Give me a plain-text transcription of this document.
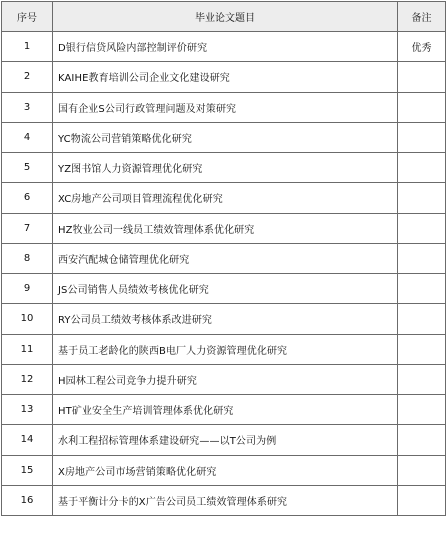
序号	毕业论文题目	备注
1	D银行信贷风险内部控制评价研究	优秀
2	KAIHE教育培训公司企业文化建设研究	
3	国有企业S公司行政管理问题及对策研究	
4	YC物流公司营销策略优化研究	
5	YZ图书馆人力资源管理优化研究	
6	XC房地产公司项目管理流程优化研究	
7	HZ牧业公司一线员工绩效管理体系优化研究	
8	西安汽配城仓储管理优化研究	
9	JS公司销售人员绩效考核优化研究	
10	RY公司员工绩效考核体系改进研究	
11	基于员工老龄化的陕西B电厂人力资源管理优化研究	
12	H园林工程公司竞争力提升研究	
13	HT矿业安全生产培训管理体系优化研究	
14	水利工程招标管理体系建设研究——以T公司为例	
15	X房地产公司市场营销策略优化研究	
16	基于平衡计分卡的X广告公司员工绩效管理体系研究	
